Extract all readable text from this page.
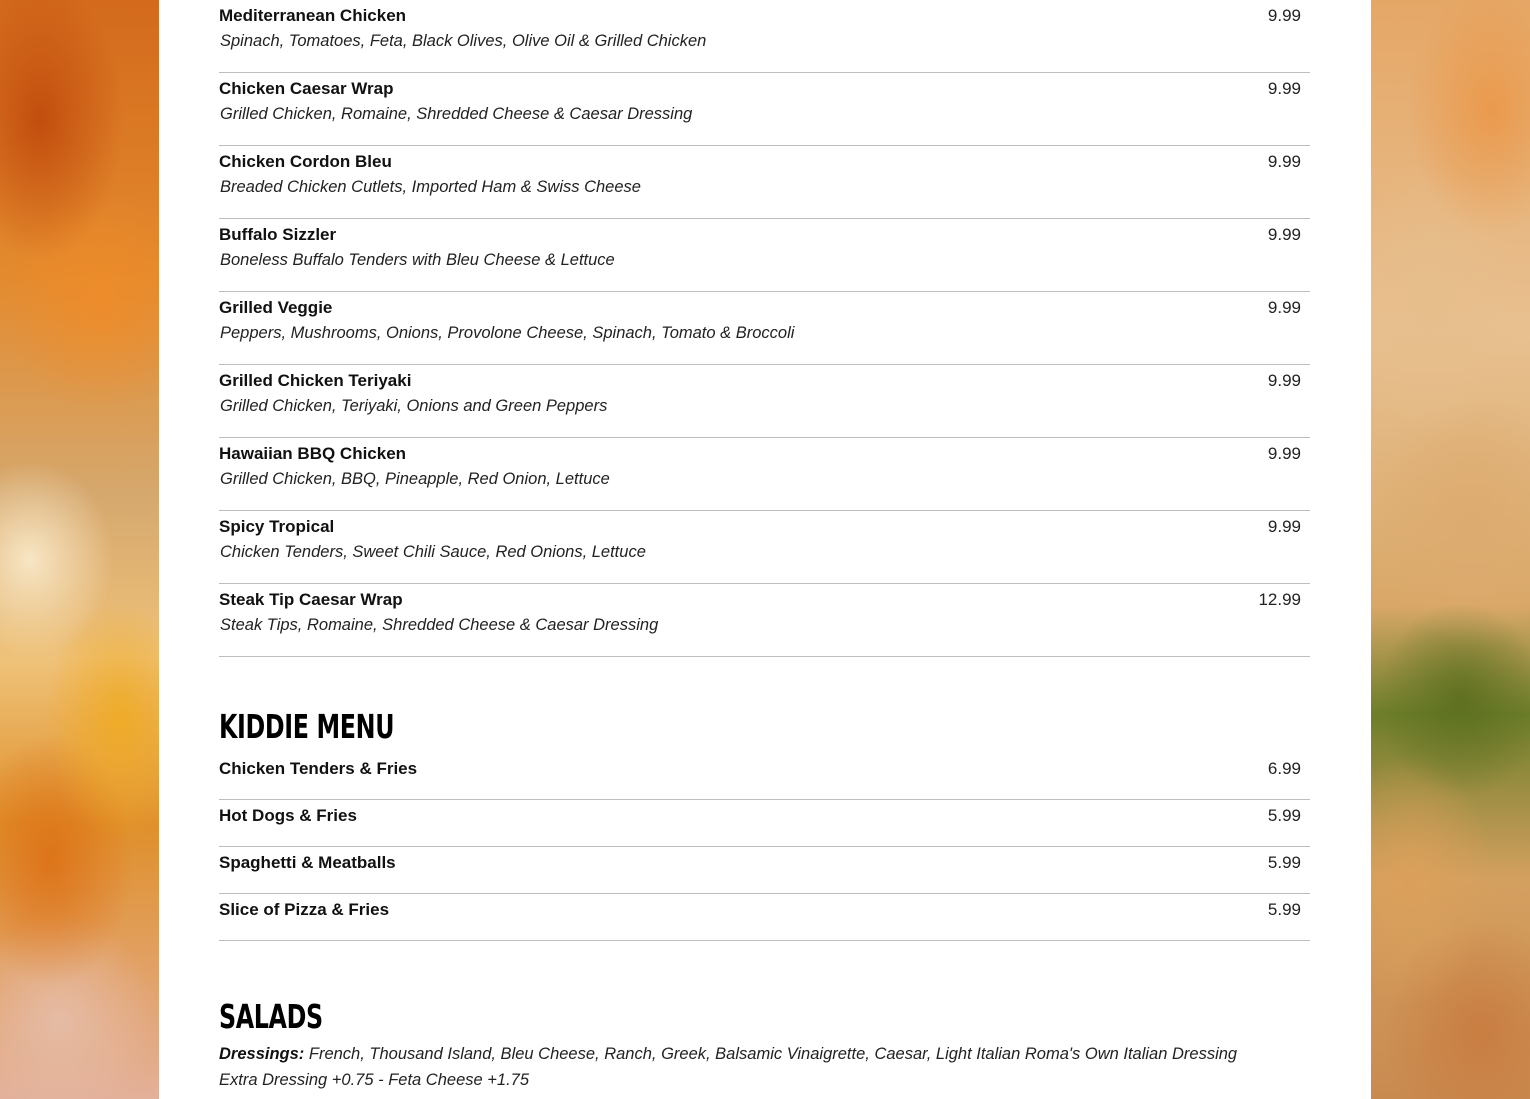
Mediterranean Chicken	9.99
Spinach, Tomatoes, Feta, Black Olives, Olive Oil & Grilled Chicken
Chicken Caesar Wrap	9.99
Grilled Chicken, Romaine, Shredded Cheese & Caesar Dressing
Chicken Cordon Bleu	9.99
Breaded Chicken Cutlets, Imported Ham & Swiss Cheese
Buffalo Sizzler	9.99
Boneless Buffalo Tenders with Bleu Cheese & Lettuce
Grilled Veggie	9.99
Peppers, Mushrooms, Onions, Provolone Cheese, Spinach, Tomato & Broccoli
Grilled Chicken Teriyaki	9.99
Grilled Chicken, Teriyaki, Onions and Green Peppers
Hawaiian BBQ Chicken	9.99
Grilled Chicken, BBQ, Pineapple, Red Onion, Lettuce
Spicy Tropical	9.99
Chicken Tenders, Sweet Chili Sauce, Red Onions, Lettuce
Steak Tip Caesar Wrap	12.99
Steak Tips, Romaine, Shredded Cheese & Caesar Dressing
KIDDIE MENU
Chicken Tenders & Fries	6.99
Hot Dogs & Fries	5.99
Spaghetti & Meatballs	5.99
Slice of Pizza & Fries	5.99
SALADS
Dressings: French, Thousand Island, Bleu Cheese, Ranch, Greek, Balsamic Vinaigrette, Caesar, Light Italian Roma's Own Italian Dressing
Extra Dressing +0.75 - Feta Cheese +1.75
